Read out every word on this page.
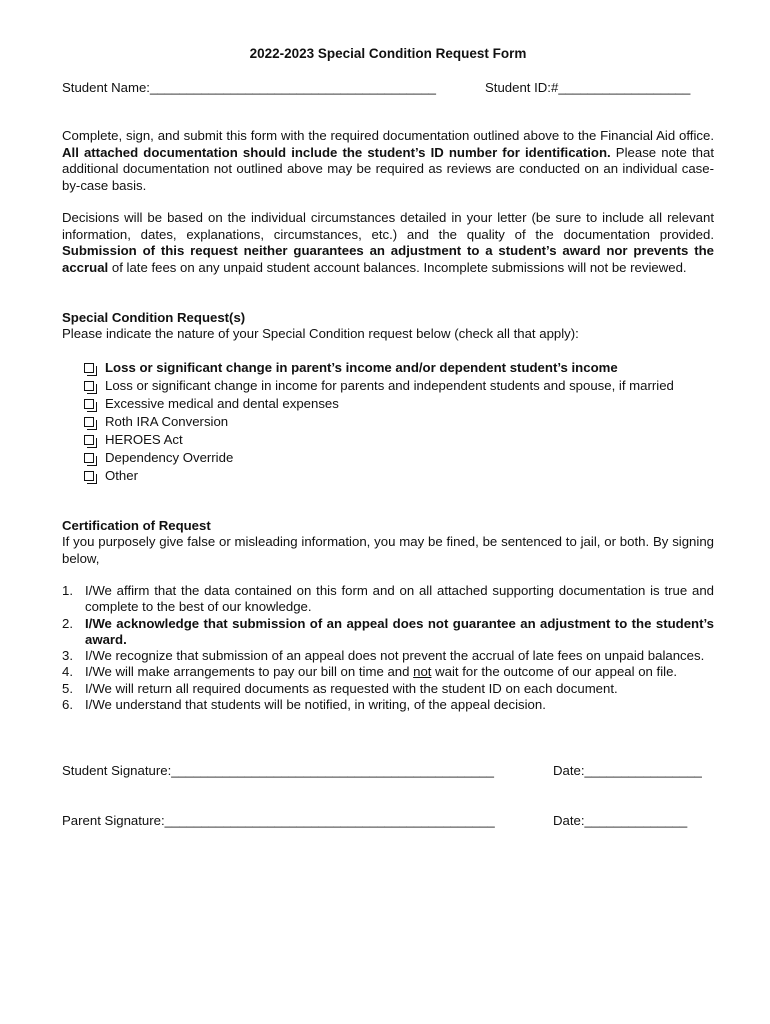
2022-2023 Special Condition Request Form
Student Name:_______________________________________	Student ID:#__________________
Complete, sign, and submit this form with the required documentation outlined above to the Financial Aid office. All attached documentation should include the student’s ID number for identification. Please note that additional documentation not outlined above may be required as reviews are conducted on an individual case-by-case basis.
Decisions will be based on the individual circumstances detailed in your letter (be sure to include all relevant information, dates, explanations, circumstances, etc.) and the quality of the documentation provided. Submission of this request neither guarantees an adjustment to a student’s award nor prevents the accrual of late fees on any unpaid student account balances. Incomplete submissions will not be reviewed.
Special Condition Request(s)
Please indicate the nature of your Special Condition request below (check all that apply):
Loss or significant change in parent’s income and/or dependent student’s income
Loss or significant change in income for parents and independent students and spouse, if married
Excessive medical and dental expenses
Roth IRA Conversion
HEROES Act
Dependency Override
Other
Certification of Request
If you purposely give false or misleading information, you may be fined, be sentenced to jail, or both. By signing below,
1. I/We affirm that the data contained on this form and on all attached supporting documentation is true and complete to the best of our knowledge.
2. I/We acknowledge that submission of an appeal does not guarantee an adjustment to the student’s award.
3. I/We recognize that submission of an appeal does not prevent the accrual of late fees on unpaid balances.
4. I/We will make arrangements to pay our bill on time and not wait for the outcome of our appeal on file.
5. I/We will return all required documents as requested with the student ID on each document.
6. I/We understand that students will be notified, in writing, of the appeal decision.
Student Signature:____________________________________________	Date:________________
Parent Signature:_____________________________________________	Date:______________
